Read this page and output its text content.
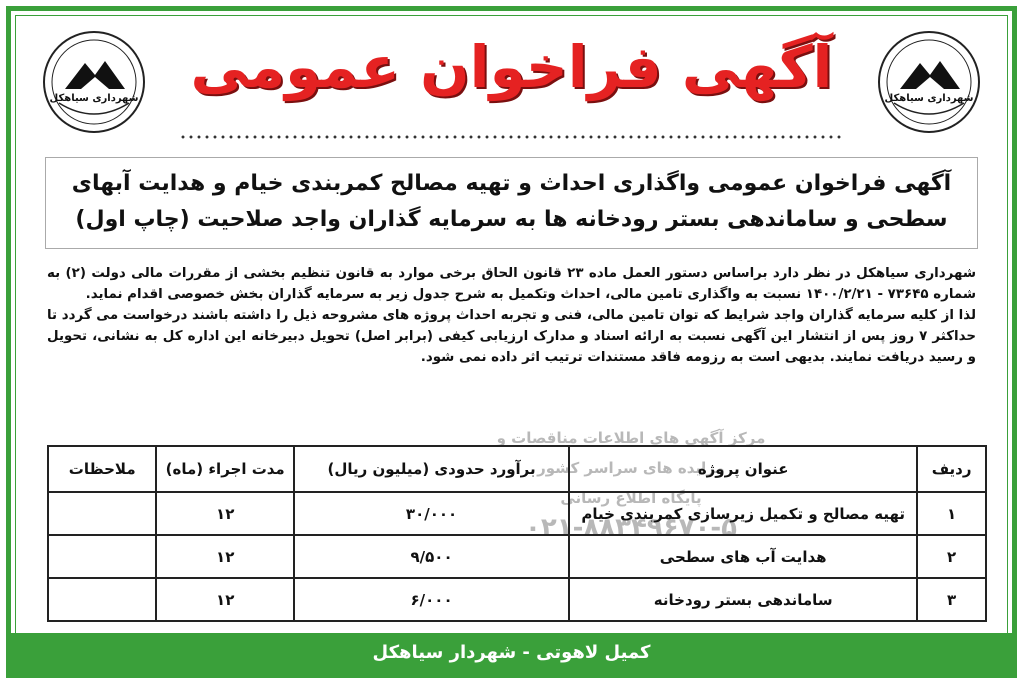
شهرداری سیاهکل آگهی فراخوان عمومی	شهرداری سیاهکل
آگهی فراخوان عمومی واگذاری احداث و تهیه مصالح کمربندی خیام و هدایت آبهای
سطحی و ساماندهی بستر رودخانه ها به سرمایه گذاران واجد صلاحیت (چاپ اول)

شهرداری سیاهکل در نظر دارد براساس دستور العمل ماده ۲۳ قانون الحاق برخی موارد به قانون تنظیم بخشی از مقررات مالی دولت (۲) به شماره ۷۳۶۴۵ - ۱۴۰۰/۲/۲۱ نسبت به واگذاری تامین مالی، احداث وتکمیل به شرح جدول زیر به سرمایه گذاران بخش خصوصی اقدام نماید.

لذا از کلیه سرمایه گذاران واجد شرایط که توان تامین مالی، فنی و تجربه احداث پروژه های مشروحه ذیل را داشته باشند درخواست می گردد تا حداکثر ۷ روز پس از انتشار این آگهی نسبت به ارائه اسناد و مدارک ارزیابی کیفی (برابر اصل) تحویل دبیرخانه این اداره کل به نشانی، تحویل و رسید دریافت نمایند. بدیهی است به رزومه فاقد مستندات ترتیب اثر داده نمی شود.

مرکز آگهی های اطلاعات مناقصات و مزایده های سراسر کشور
پایگاه اطلاع رسانی
۰۲۱-۸۸۳۴۹۶۷۰-۵
ردیف	عنوان پروژه	برآورد حدودی (میلیون ریال)	مدت اجراء (ماه)	ملاحظات
۱	تهیه مصالح و تکمیل زیرسازی کمربندی خیام	۳۰/۰۰۰	۱۲	
۲	هدایت آب های سطحی	۹/۵۰۰	۱۲	
۳	ساماندهی بستر رودخانه	۶/۰۰۰	۱۲	
کمیل لاهوتی - شهردار سیاهکل
